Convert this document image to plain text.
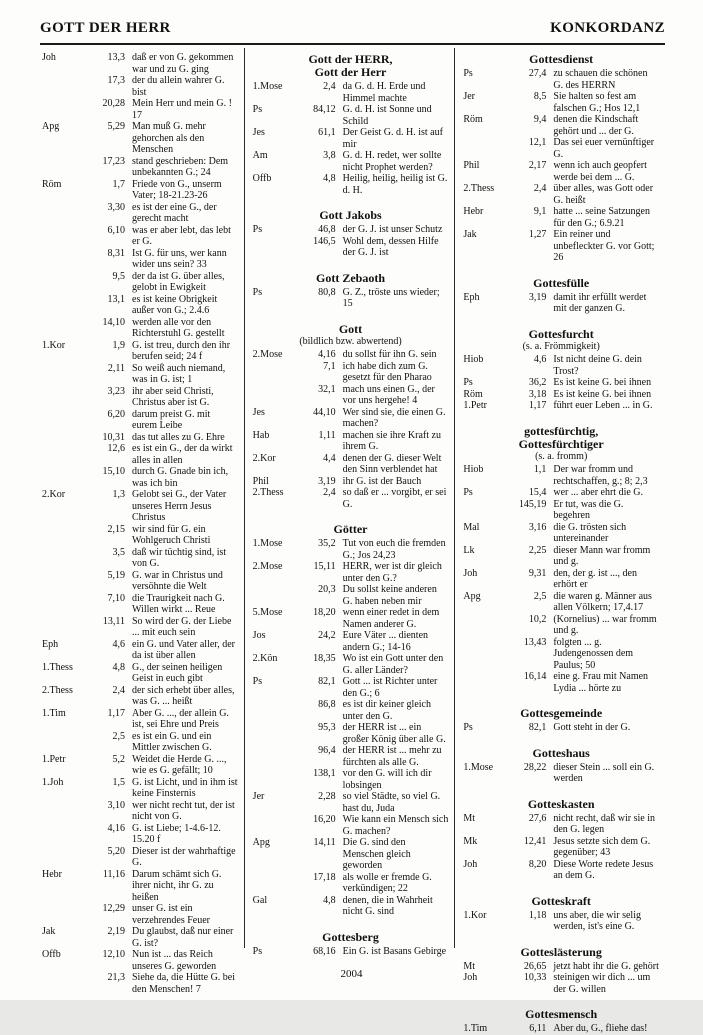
GOTT DER HERR	KONKORDANZ
Joh	13,3 daß er von G. gekommen war und zu G. ging
17,3 der du allein wahrer G. bist
20,28 Mein Herr und mein G. ! 17
Apg	5,29 Man muß G. mehr gehorchen als den Menschen
17,23 stand geschrieben: Dem unbekannten G.; 24
Röm	1,7 Friede von G., unserm Vater; 18-21.23-26
3,30 es ist der eine G., der gerecht macht
6,10 was er aber lebt, das lebt er G.
8,31 Ist G. für uns, wer kann wider uns sein? 33
9,5 der da ist G. über alles, gelobt in Ewigkeit
13,1 es ist keine Obrigkeit außer von G.; 2.4.6
14,10 werden alle vor den Richterstuhl G. gestellt
1.Kor	1,9 G. ist treu, durch den ihr berufen seid; 24 f
2,11 So weiß auch niemand, was in G. ist; 1
3,23 ihr aber seid Christi, Christus aber ist G.
6,20 darum preist G. mit eurem Leibe
10,31 das tut alles zu G. Ehre
12,6 es ist ein G., der da wirkt alles in allen
15,10 durch G. Gnade bin ich, was ich bin
2.Kor	1,3 Gelobt sei G., der Vater unseres Herrn Jesus Christus
2,15 wir sind für G. ein Wohlgeruch Christi
3,5 daß wir tüchtig sind, ist von G.
5,19 G. war in Christus und versöhnte die Welt
7,10 die Traurigkeit nach G. Willen wirkt ... Reue
13,11 So wird der G. der Liebe ... mit euch sein
Eph	4,6 ein G. und Vater aller, der da ist über allen
1.Thess	4,8 G., der seinen heiligen Geist in euch gibt
2.Thess	2,4 der sich erhebt über alles, was G. ... heißt
1.Tim	1,17 Aber G. ..., der allein G. ist, sei Ehre und Preis
2,5 es ist ein G. und ein Mittler zwischen G.
1.Petr	5,2 Weidet die Herde G. ..., wie es G. gefällt; 10
1.Joh	1,5 G. ist Licht, und in ihm ist keine Finsternis
3,10 wer nicht recht tut, der ist nicht von G.
4,16 G. ist Liebe; 1-4.6-12. 15.20 f
5,20 Dieser ist der wahrhaftige G.
Hebr	11,16 Darum schämt sich G. ihrer nicht, ihr G. zu heißen
12,29 unser G. ist ein verzehrendes Feuer
Jak	2,19 Du glaubst, daß nur einer G. ist?
Offb	12,10 Nun ist ... das Reich unseres G. geworden
21,3 Siehe da, die Hütte G. bei den Menschen! 7
Gott der HERR,
Gott der Herr
1.Mose	2,4 da G. d. H. Erde und Himmel machte
Ps	84,12 G. d. H. ist Sonne und Schild
Jes	61,1 Der Geist G. d. H. ist auf mir
Am	3,8 G. d. H. redet, wer sollte nicht Prophet werden?
Offb	4,8 Heilig, heilig, heilig ist G. d. H.
Gott Jakobs
Ps	46,8 der G. J. ist unser Schutz
146,5 Wohl dem, dessen Hilfe der G. J. ist
Gott Zebaoth
Ps	80,8 G. Z., tröste uns wieder; 15
Gott
(bildlich bzw. abwertend)
2.Mose	4,16 du sollst für ihn G. sein
7,1 ich habe dich zum G. gesetzt für den Pharao
32,1 mach uns einen G., der vor uns hergehe! 4
Jes	44,10 Wer sind sie, die einen G. machen?
Hab	1,11 machen sie ihre Kraft zu ihrem G.
2.Kor	4,4 denen der G. dieser Welt den Sinn verblendet hat
Phil	3,19 ihr G. ist der Bauch
2.Thess	2,4 so daß er ... vorgibt, er sei G.
Götter
1.Mose	35,2 Tut von euch die fremden G.; Jos 24,23
2.Mose	15,11 HERR, wer ist dir gleich unter den G.?
20,3 Du sollst keine anderen G. haben neben mir
5.Mose	18,20 wenn einer redet in dem Namen anderer G.
Jos	24,2 Eure Väter ... dienten andern G.; 14-16
2.Kön	18,35 Wo ist ein Gott unter den G. aller Länder?
Ps	82,1 Gott ... ist Richter unter den G.; 6
86,8 es ist dir keiner gleich unter den G.
95,3 der HERR ist ... ein großer König über alle G.
96,4 der HERR ist ... mehr zu fürchten als alle G.
138,1 vor den G. will ich dir lobsingen
Jer	2,28 so viel Städte, so viel G. hast du, Juda
16,20 Wie kann ein Mensch sich G. machen?
Apg	14,11 Die G. sind den Menschen gleich geworden
17,18 als wolle er fremde G. verkündigen; 22
Gal	4,8 denen, die in Wahrheit nicht G. sind
Gottesberg
Ps	68,16 Ein G. ist Basans Gebirge
Gottesdienst
Ps	27,4 zu schauen die schönen G. des HERRN
Jer	8,5 Sie halten so fest am falschen G.; Hos 12,1
Röm	9,4 denen die Kindschaft gehört und ... der G.
12,1 Das sei euer vernünftiger G.
Phil	2,17 wenn ich auch geopfert werde bei dem ... G.
2.Thess	2,4 über alles, was Gott oder G. heißt
Hebr	9,1 hatte ... seine Satzungen für den G.; 6.9.21
Jak	1,27 Ein reiner und unbefleckter G. vor Gott; 26
Gottesfülle
Eph	3,19 damit ihr erfüllt werdet mit der ganzen G.
Gottesfurcht
(s. a. Frömmigkeit)
Hiob	4,6 Ist nicht deine G. dein Trost?
Ps	36,2 Es ist keine G. bei ihnen
Röm	3,18 Es ist keine G. bei ihnen
1.Petr	1,17 führt euer Leben ... in G.
gottesfürchtig,
Gottesfürchtiger
(s. a. fromm)
Hiob	1,1 Der war fromm und rechtschaffen, g.; 8; 2,3
Ps	15,4 wer ... aber ehrt die G.
145,19 Er tut, was die G. begehren
Mal	3,16 die G. trösten sich untereinander
Lk	2,25 dieser Mann war fromm und g.
Joh	9,31 den, der g. ist ..., den erhört er
Apg	2,5 die waren g. Männer aus allen Völkern; 17,4.17
10,2 (Kornelius) ... war fromm und g.
13,43 folgten ... g. Judengenossen dem Paulus; 50
16,14 eine g. Frau mit Namen Lydia ... hörte zu
Gottesgemeinde
Ps	82,1 Gott steht in der G.
Gotteshaus
1.Mose	28,22 dieser Stein ... soll ein G. werden
Gotteskasten
Mt	27,6 nicht recht, daß wir sie in den G. legen
Mk	12,41 Jesus setzte sich dem G. gegenüber; 43
Joh	8,20 Diese Worte redete Jesus an dem G.
Gotteskraft
1.Kor	1,18 uns aber, die wir selig werden, ist's eine G.
Gotteslästerung
Mt	26,65 jetzt habt ihr die G. gehört
Joh	10,33 steinigen wir dich ... um der G. willen
Gottesmensch
1.Tim	6,11 Aber du, G., fliehe das!
2004
